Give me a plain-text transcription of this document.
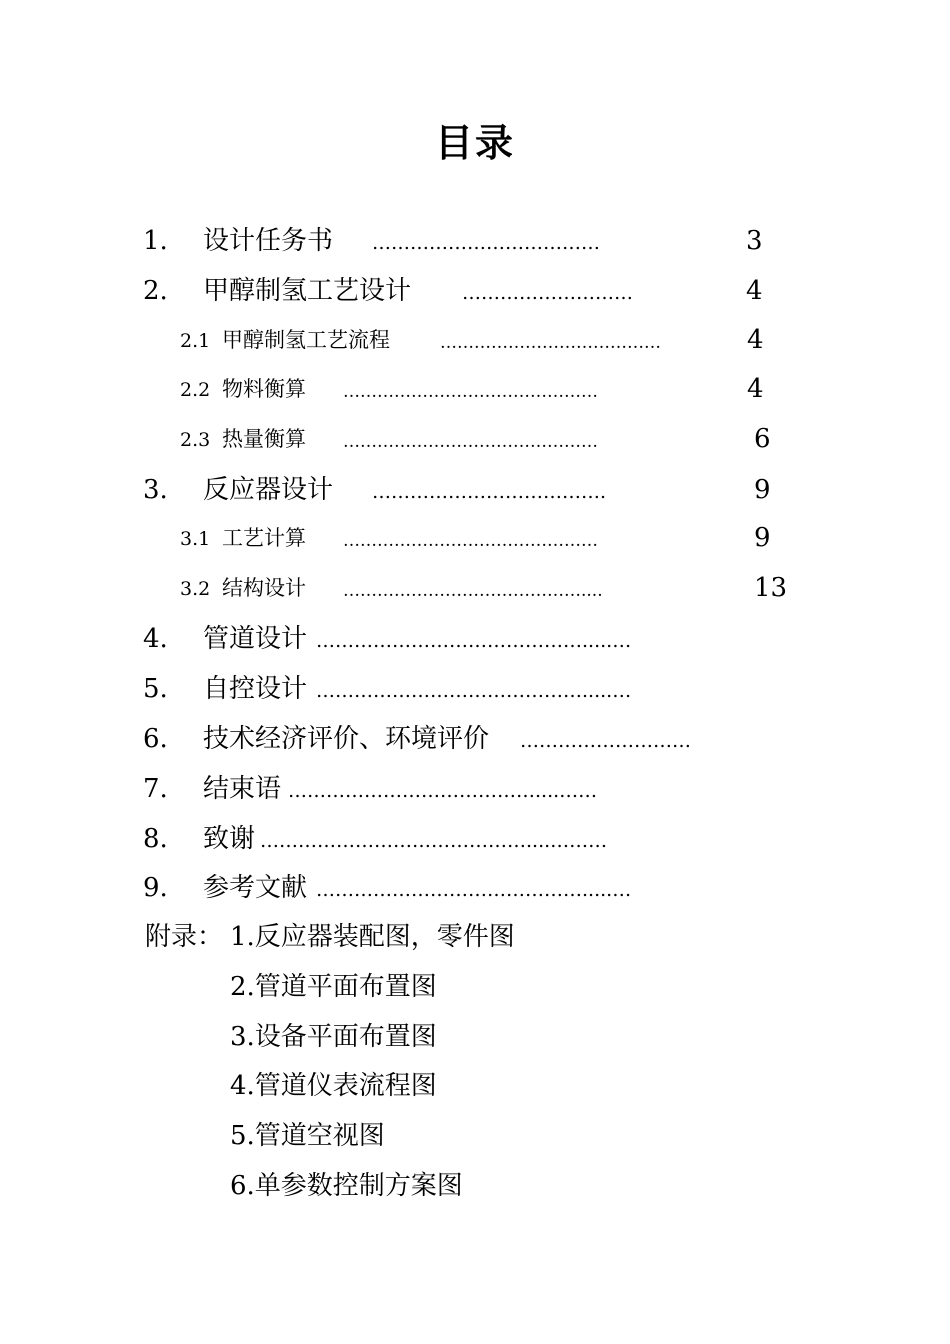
目录
1. 设计任务书 ………………………………	3
2. 甲醇制氢工艺设计	………………………	4
2.1 甲醇制氢工艺流程	…………………………………	4
2.2 物料衡算 ………………………………………	4
2.3 热量衡算 ………………………………………	6
3. 反应器设计 ……………………………….	9
3.1 工艺计算 ………………………………………	9
3.2 结构设计 ……………………………………....	13
4. 管道设计 …………………………………….....…
5. 自控设计 …………………………………….....…
6. 技术经济评价、环境评价 ………………………
7. 结束语 …………………………………....……
8. 致谢 ……………………………………....………
9. 参考文献 …………………………………….....…
附录： 1.反应器装配图，零件图
2.管道平面布置图
3.设备平面布置图
4.管道仪表流程图
5.管道空视图
6.单参数控制方案图
